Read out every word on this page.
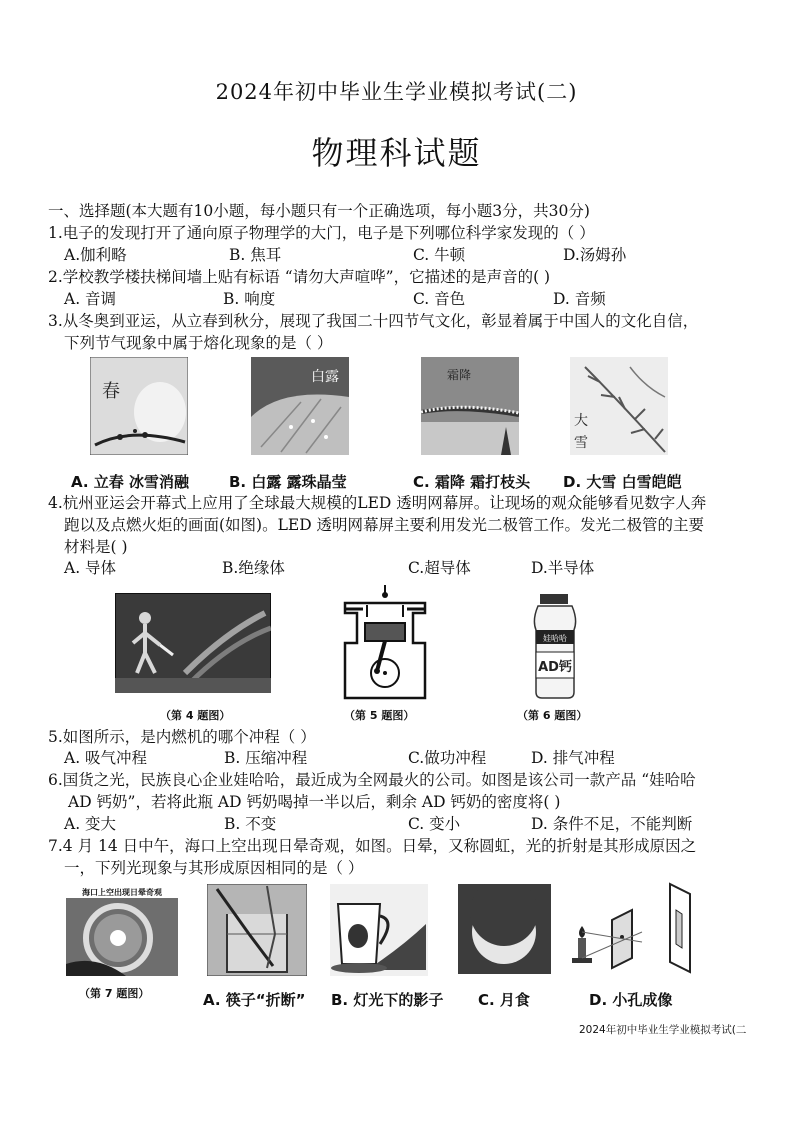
2024年初中毕业生学业模拟考试(二)
物理科试题
一、选择题(本大题有10小题，每小题只有一个正确选项，每小题3分，共30分)
1.电子的发现打开了通向原子物理学的大门，电子是下列哪位科学家发现的（ ）
A.伽利略	B. 焦耳	C. 牛顿	D.汤姆孙
2.学校教学楼扶梯间墙上贴有标语 “请勿大声喧哗”，它描述的是声音的( )
A. 音调	B. 响度	C. 音色	D. 音频
3.从冬奥到亚运，从立春到秋分，展现了我国二十四节气文化，彰显着属于中国人的文化自信，
下列节气现象中属于熔化现象的是（ ）
春
白露	霜降
大
雪
A. 立春 冰雪消融	B. 白露 露珠晶莹	C. 霜降 霜打枝头 D. 大雪 白雪皑皑
4.杭州亚运会开幕式上应用了全球最大规模的LED 透明网幕屏。让现场的观众能够看见数字人奔
跑以及点燃火炬的画面(如图)。LED 透明网幕屏主要利用发光二极管工作。发光二极管的主要
材料是( )
A. 导体	B.绝缘体	C.超导体	D.半导体
娃哈哈
AD钙
（第 4 题图）	（第 5 题图）	（第 6 题图）
5.如图所示，是内燃机的哪个冲程（ ）
A. 吸气冲程	B. 压缩冲程	C.做功冲程	D. 排气冲程
6.国货之光，民族良心企业娃哈哈，最近成为全网最火的公司。如图是该公司一款产品 “娃哈哈
AD 钙奶”，若将此瓶 AD 钙奶喝掉一半以后，剩余 AD 钙奶的密度将( )
A. 变大	B. 不变	C. 变小	D. 条件不足，不能判断
7.4 月 14 日中午，海口上空出现日晕奇观，如图。日晕，又称圆虹，光的折射是其形成原因之
一，下列光现象与其形成原因相同的是（ ）
海口上空出现日晕奇观
（第 7 题图）	A. 筷子“折断” B. 灯光下的影子 C. 月食	D. 小孔成像
2024年初中毕业生学业模拟考试(二
